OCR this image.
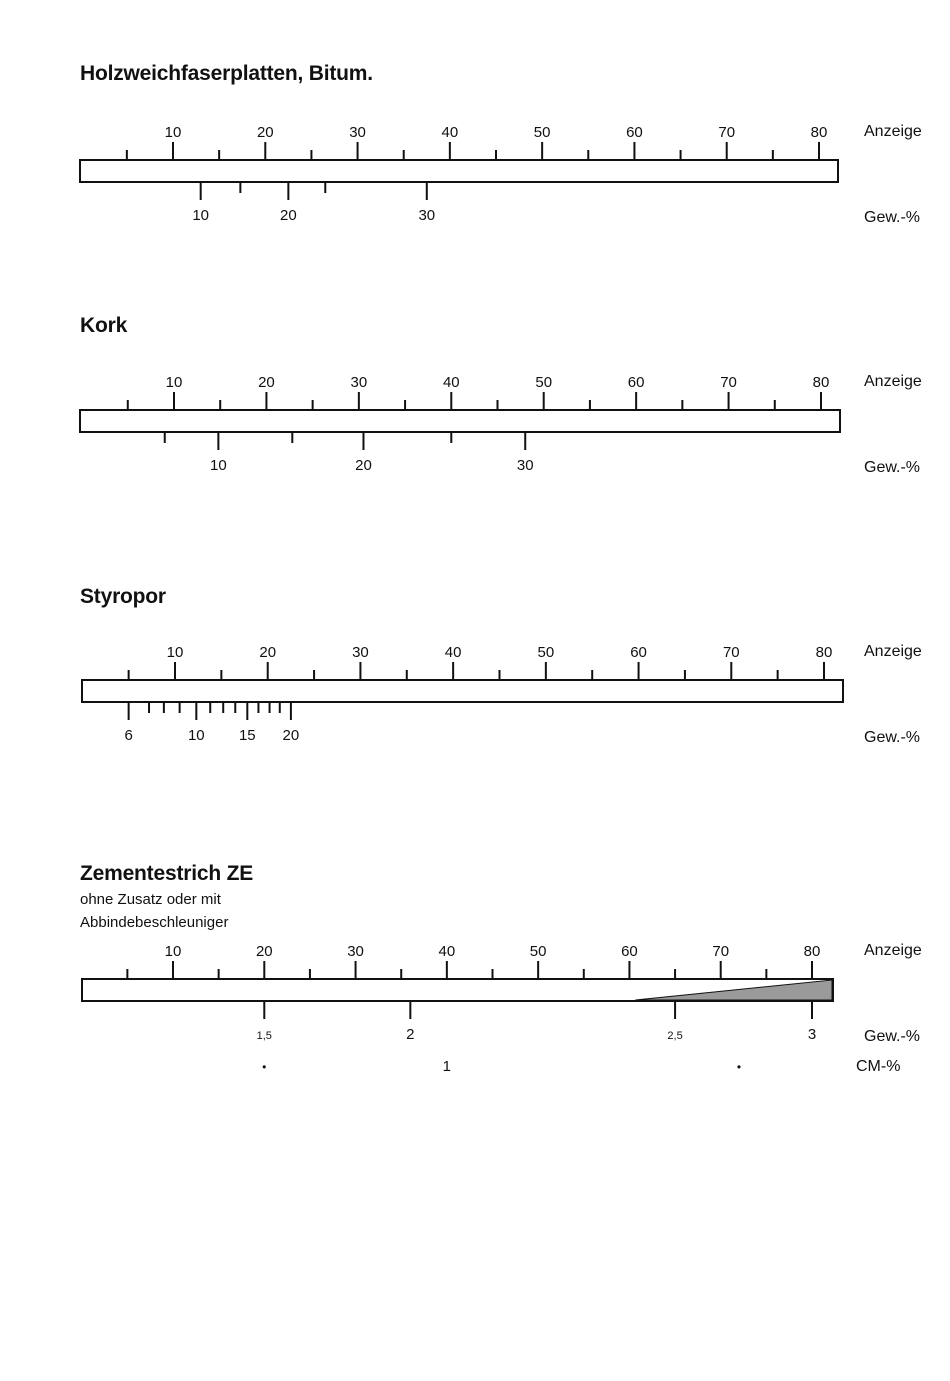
Holzweichfaserplatten, Bitum.
10	20	30	40	50	60	70	80 Anzeige
10	20	30	Gew.-%
Kork
10	20	30	40	50	60	70	80 Anzeige
10	20	30	Gew.-%
Styropor
10	20	30	40	50	60	70	80 Anzeige
6	10 15 20	Gew.-%
Zementestrich ZE
ohne Zusatz oder mit
Abbindebeschleuniger
10	20	30	40	50	60	70	80	Anzeige
1,5	2	2,5	3	Gew.-%
•	1	•	CM-%
